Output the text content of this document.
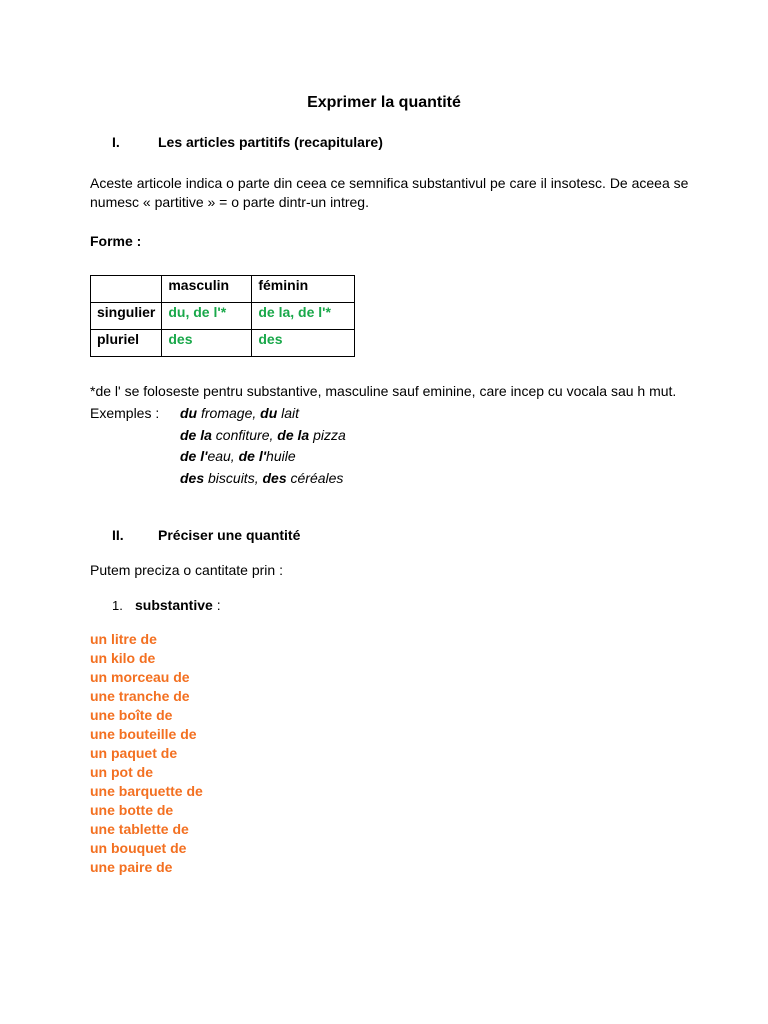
Exprimer la quantité
I.	Les articles partitifs (recapitulare)
Aceste articole indica o parte din ceea ce semnifica substantivul pe care il insotesc. De aceea se numesc « partitive » = o parte dintr-un intreg.
Forme :
	masculin	féminin
singulier	du, de l'*	de la, de l'*
pluriel	des	des
*de l' se foloseste pentru substantive, masculine sauf eminine, care incep cu vocala sau h mut.
Exemples : du fromage, du lait
de la confiture, de la pizza
de l'eau, de l'huile
des biscuits, des céréales
II. Préciser une quantité
Putem preciza o cantitate prin :
1. substantive :
un litre de
un kilo de
un morceau de
une tranche de
une boîte de
une bouteille de
un paquet de
un pot de
une barquette de
une botte de
une tablette de
un bouquet de
une paire de
